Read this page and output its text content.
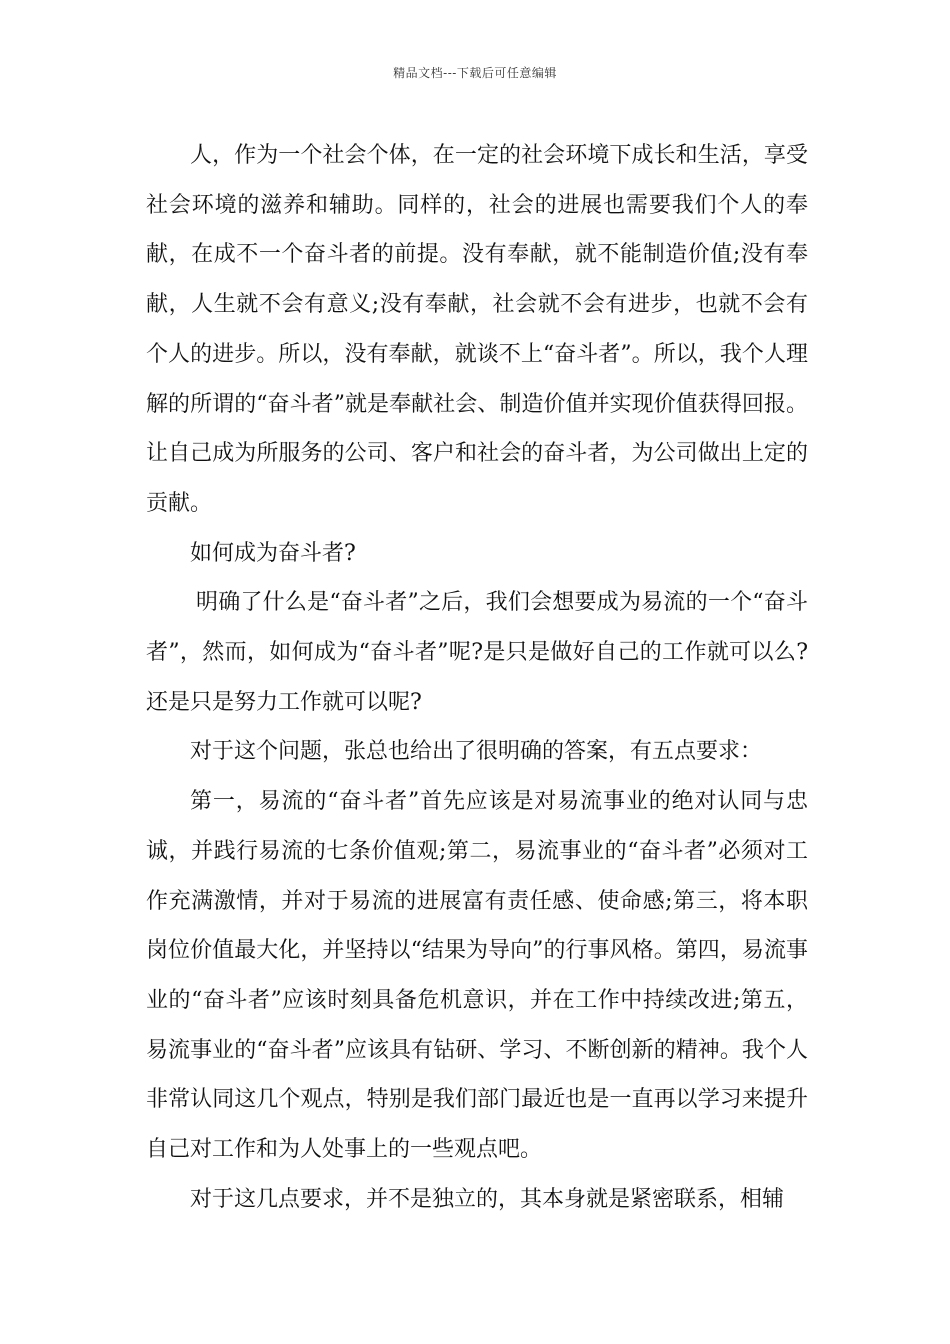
精品文档---下载后可任意编辑

人，作为一个社会个体，在一定的社会环境下成长和生活，享受社会环境的滋养和辅助。同样的，社会的进展也需要我们个人的奉献，在成不一个奋斗者的前提。没有奉献，就不能制造价值;没有奉献，人生就不会有意义;没有奉献，社会就不会有进步，也就不会有个人的进步。所以，没有奉献，就谈不上“奋斗者”。所以，我个人理解的所谓的“奋斗者”就是奉献社会、制造价值并实现价值获得回报。让自己成为所服务的公司、客户和社会的奋斗者，为公司做出上定的贡献。

如何成为奋斗者?

明确了什么是“奋斗者”之后，我们会想要成为易流的一个“奋斗者”，然而，如何成为“奋斗者”呢?是只是做好自己的工作就可以么?还是只是努力工作就可以呢?

对于这个问题，张总也给出了很明确的答案，有五点要求：

第一，易流的“奋斗者”首先应该是对易流事业的绝对认同与忠诚，并践行易流的七条价值观;第二，易流事业的“奋斗者”必须对工作充满激情，并对于易流的进展富有责任感、使命感;第三，将本职岗位价值最大化，并坚持以“结果为导向”的行事风格。第四，易流事业的“奋斗者”应该时刻具备危机意识，并在工作中持续改进;第五，易流事业的“奋斗者”应该具有钻研、学习、不断创新的精神。我个人非常认同这几个观点，特别是我们部门最近也是一直再以学习来提升自己对工作和为人处事上的一些观点吧。

对于这几点要求，并不是独立的，其本身就是紧密联系，相辅
